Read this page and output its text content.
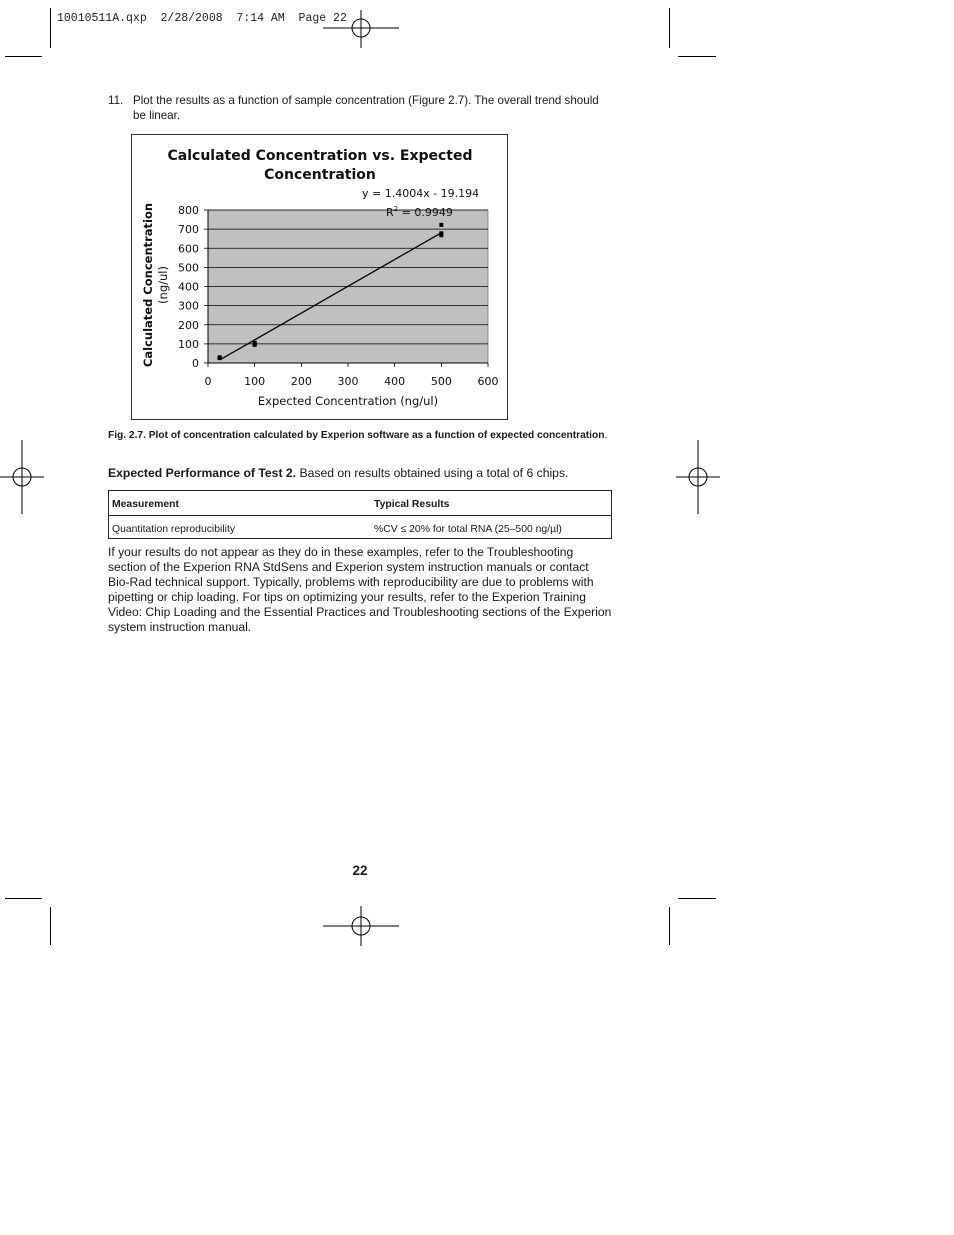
10010511A.qxp  2/28/2008  7:14 AM  Page 22
11. Plot the results as a function of sample concentration (Figure 2.7). The overall trend should be linear.
Calculated Concentration vs. Expected
Concentration
y = 1.4004x - 19.194
$R^2 = 0.9949$
0
100
200
300
400
500
600
700
800
0	100 200 300 400 500 600
Expected Concentration (ng/ul)
Calculated Concentration (ng/ul)
Fig. 2.7. Plot of concentration calculated by Experion software as a function of expected concentration.
Expected Performance of Test 2. Based on results obtained using a total of 6 chips.
Measurement	Typical Results
Quantitation reproducibility	%CV ≤ 20% for total RNA (25–500 ng/µl)
If your results do not appear as they do in these examples, refer to the Troubleshooting section of the Experion RNA StdSens and Experion system instruction manuals or contact Bio-Rad technical support. Typically, problems with reproducibility are due to problems with pipetting or chip loading. For tips on optimizing your results, refer to the Experion Training Video: Chip Loading and the Essential Practices and Troubleshooting sections of the Experion system instruction manual.
22
